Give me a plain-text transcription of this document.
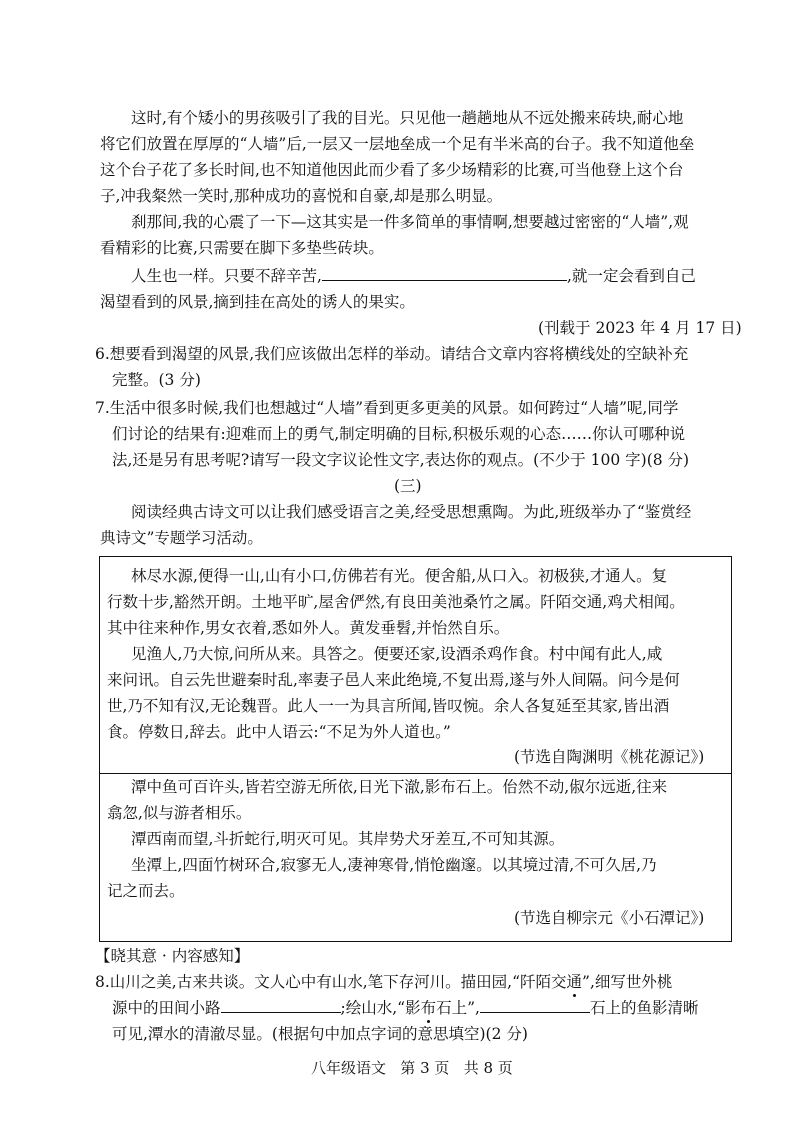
这时,有个矮小的男孩吸引了我的目光。只见他一趟趟地从不远处搬来砖块,耐心地
将它们放置在厚厚的“人墙”后,一层又一层地垒成一个足有半米高的台子。我不知道他垒
这个台子花了多长时间,也不知道他因此而少看了多少场精彩的比赛,可当他登上这个台
子,冲我粲然一笑时,那种成功的喜悦和自豪,却是那么明显。
刹那间,我的心震了一下—这其实是一件多简单的事情啊,想要越过密密的“人墙”,观
看精彩的比赛,只需要在脚下多垫些砖块。
人生也一样。只要不辞辛苦,	,就一定会看到自己
渴望看到的风景,摘到挂在高处的诱人的果实。
(刊载于 2023 年 4 月 17 日)
6.想要看到渴望的风景,我们应该做出怎样的举动。请结合文章内容将横线处的空缺补充
完整。(3 分)
7.生活中很多时候,我们也想越过“人墙”看到更多更美的风景。如何跨过“人墙”呢,同学
们讨论的结果有:迎难而上的勇气,制定明确的目标,积极乐观的心态……你认可哪种说
法,还是另有思考呢?请写一段文字议论性文字,表达你的观点。(不少于 100 字)(8 分)
(三)
阅读经典古诗文可以让我们感受语言之美,经受思想熏陶。为此,班级举办了“鉴赏经
典诗文”专题学习活动。
【晓其意 · 内容感知】
8.山川之美,古来共谈。文人心中有山水,笔下存河川。描田园,“阡陌交通”,细写世外桃
源中的田间小路	;绘山水,“影布石上”,	石上的鱼影清晰
可见,潭水的清澈尽显。(根据句中加点字词的意思填空)(2 分)
八年级语文   第 3 页   共 8 页
林尽水源,便得一山,山有小口,仿佛若有光。便舍船,从口入。初极狭,才通人。复
行数十步,豁然开朗。土地平旷,屋舍俨然,有良田美池桑竹之属。阡陌交通,鸡犬相闻。
其中往来种作,男女衣着,悉如外人。黄发垂髫,并怡然自乐。
见渔人,乃大惊,问所从来。具答之。便要还家,设酒杀鸡作食。村中闻有此人,咸
来问讯。自云先世避秦时乱,率妻子邑人来此绝境,不复出焉,遂与外人间隔。问今是何
世,乃不知有汉,无论魏晋。此人一一为具言所闻,皆叹惋。余人各复延至其家,皆出酒
食。停数日,辞去。此中人语云:“不足为外人道也。”
(节选自陶渊明《桃花源记》)
潭中鱼可百许头,皆若空游无所依,日光下澈,影布石上。佁然不动,俶尔远逝,往来
翕忽,似与游者相乐。
潭西南而望,斗折蛇行,明灭可见。其岸势犬牙差互,不可知其源。
坐潭上,四面竹树环合,寂寥无人,凄神寒骨,悄怆幽邃。以其境过清,不可久居,乃
记之而去。
(节选自柳宗元《小石潭记》)
